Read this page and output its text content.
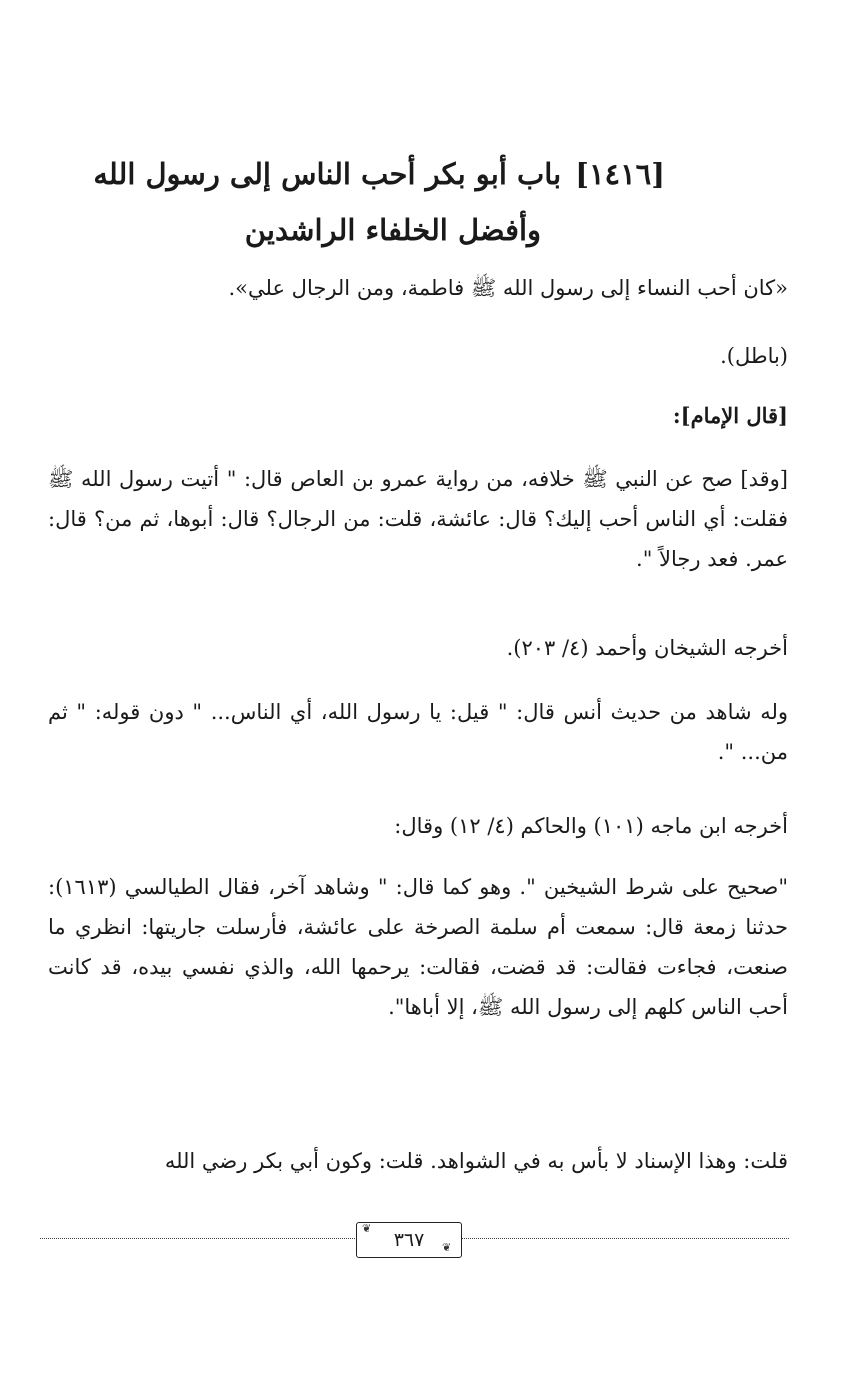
[١٤١٦]باب أبو بكر أحب الناس إلى رسول الله
وأفضل الخلفاء الراشدين
«كان أحب النساء إلى رسول الله ﷺ فاطمة، ومن الرجال علي».
(باطل).
[قال الإمام]:
[وقد] صح عن النبي ﷺ خلافه، من رواية عمرو بن العاص قال: " أتيت رسول الله ﷺ فقلت: أي الناس أحب إليك؟ قال: عائشة، قلت: من الرجال؟ قال: أبوها، ثم من؟ قال: عمر. فعد رجالاً ".
أخرجه الشيخان وأحمد (٤/ ٢٠٣).
وله شاهد من حديث أنس قال: " قيل: يا رسول الله، أي الناس... " دون قوله: " ثم من... ".
أخرجه ابن ماجه (١٠١) والحاكم (٤/ ١٢) وقال:
"صحيح على شرط الشيخين ". وهو كما قال: " وشاهد آخر، فقال الطيالسي (١٦١٣): حدثنا زمعة قال: سمعت أم سلمة الصرخة على عائشة، فأرسلت جاريتها: انظري ما صنعت، فجاءت فقالت: قد قضت، فقالت: يرحمها الله، والذي نفسي بيده، قد كانت أحب الناس كلهم إلى رسول الله ﷺ، إلا أباها".
قلت: وهذا الإسناد لا بأس به في الشواهد. قلت: وكون أبي بكر رضي الله
٣٦٧
❦
❦
